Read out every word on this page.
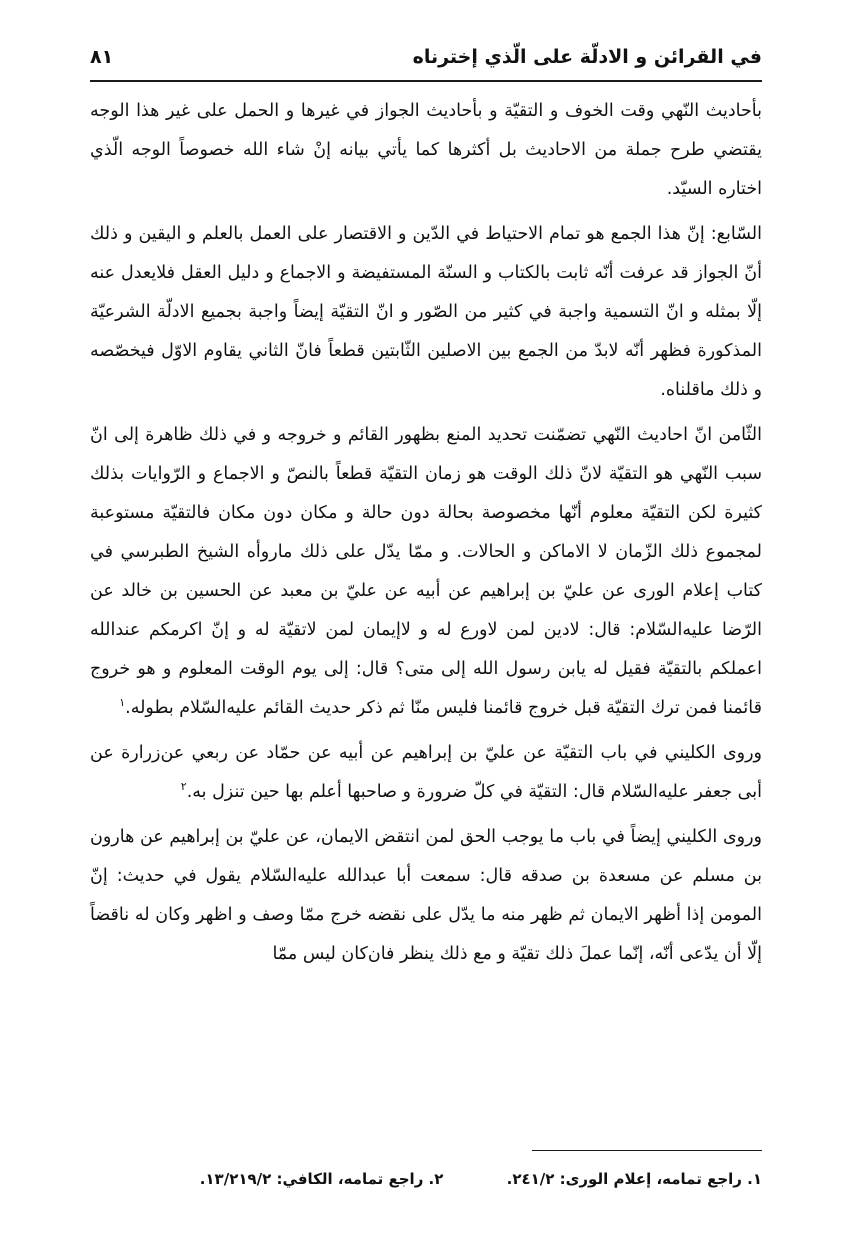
في القرائن و الادلّة على الّذي إخترناه
٨١

بأحاديث النّهي وقت الخوف و التقيّة و بأحاديث الجواز في غيرها و الحمل على غير هذا الوجه يقتضي طرح جملة من الاحاديث بل أكثرها كما يأتي بيانه إنْ شاء الله خصوصاً الوجه الّذي اختاره السيّد.

السّابع: إنّ هذا الجمع هو تمام الاحتياط في الدّين و الاقتصار على العمل بالعلم و اليقين و ذلك أنّ الجواز قد عرفت أنّه ثابت بالكتاب و السنّة المستفيضة و الاجماع و دليل العقل فلايعدل عنه إلّا بمثله و انّ التسمية واجبة في كثير من الصّور و انّ التقيّة إيضاً واجبة بجميع الادلّة الشرعيّة المذكورة فظهر أنّه لابدّ من الجمع بين الاصلين الثّابتين قطعاً فانّ الثاني يقاوم الاوّل فيخصّصه و ذلك ماقلناه.

الثّامن انّ احاديث النّهي تضمّنت تحديد المنع بظهور القائم و خروجه و في ذلك ظاهرة إلى انّ سبب النّهي هو التقيّة لانّ ذلك الوقت هو زمان التقيّة قطعاً بالنصّ و الاجماع و الرّوايات بذلك كثيرة لكن التقيّة معلوم أنّها مخصوصة بحالة دون حالة و مكان دون مكان فالتقيّة مستوعبة لمجموع ذلك الزّمان لا الاماكن و الحالات. و ممّا يدّل على ذلك ماروأه الشيخ الطبرسي في كتاب إعلام الورى عن عليّ بن إبراهيم عن أبيه عن عليّ بن معبد عن الحسين بن خالد عن الرّضا عليه‌السّلام: قال: لادين لمن لاورع له و لاإيمان لمن لاتقيّة له و إنّ اكرمكم عندالله اعملكم بالتقيّة فقيل له يابن رسول الله إلى متى؟ قال: إلى يوم الوقت المعلوم و هو خروج قائمنا فمن ترك التقيّة قبل خروج قائمنا فليس منّا ثم ذكر حديث القائم عليه‌السّلام بطوله.$^١$

وروى الكليني في باب التقيّة عن عليّ بن إبراهيم عن أبيه عن حمّاد عن ربعي عن‌زرارة عن أبى جعفر عليه‌السّلام قال: التقيّة في كلّ ضرورة و صاحبها أعلم بها حين تنزل به.$^٢$

وروى الكليني إيضاً في باب ما يوجب الحق لمن انتقض الايمان، عن عليّ بن إبراهيم عن هارون بن مسلم عن مسعدة بن صدقه قال: سمعت أبا عبدالله عليه‌السّلام يقول في حديث: إنّ المومن إذا أظهر الايمان ثم ظهر منه ما يدّل على نقضه خرج ممّا وصف و اظهر وكان له ناقضاً إلّا أن يدّعى أنّه، إنّما عملَ ذلك تقيّة و مع ذلك ينظر فان‌كان ليس ممّا

١. راجع تمامه، إعلام الورى: ٢٤١/٢. ٢. راجع تمامه، الكافي: ١٣/٢١٩/٢.
